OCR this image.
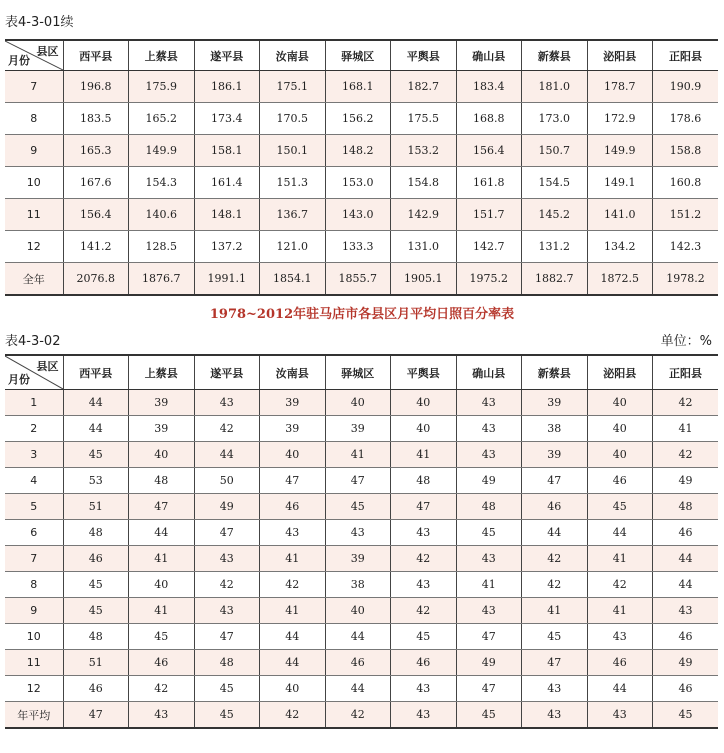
表4-3-01续
县区
月份	西平县	上蔡县	遂平县	汝南县	驿城区	平舆县	确山县	新蔡县	泌阳县	正阳县
7	196.8	175.9	186.1	175.1	168.1	182.7	183.4	181.0	178.7	190.9
8	183.5	165.2	173.4	170.5	156.2	175.5	168.8	173.0	172.9	178.6
9	165.3	149.9	158.1	150.1	148.2	153.2	156.4	150.7	149.9	158.8
10	167.6	154.3	161.4	151.3	153.0	154.8	161.8	154.5	149.1	160.8
11	156.4	140.6	148.1	136.7	143.0	142.9	151.7	145.2	141.0	151.2
12	141.2	128.5	137.2	121.0	133.3	131.0	142.7	131.2	134.2	142.3
全年	2076.8	1876.7	1991.1	1854.1	1855.7	1905.1	1975.2	1882.7	1872.5	1978.2
1978~2012年驻马店市各县区月平均日照百分率表
表4-3-02	单位：%
县区
月份	西平县	上蔡县	遂平县	汝南县	驿城区	平舆县	确山县	新蔡县	泌阳县	正阳县
1	44	39	43	39	40	40	43	39	40	42
2	44	39	42	39	39	40	43	38	40	41
3	45	40	44	40	41	41	43	39	40	42
4	53	48	50	47	47	48	49	47	46	49
5	51	47	49	46	45	47	48	46	45	48
6	48	44	47	43	43	43	45	44	44	46
7	46	41	43	41	39	42	43	42	41	44
8	45	40	42	42	38	43	41	42	42	44
9	45	41	43	41	40	42	43	41	41	43
10	48	45	47	44	44	45	47	45	43	46
11	51	46	48	44	46	46	49	47	46	49
12	46	42	45	40	44	43	47	43	44	46
年平均	47	43	45	42	42	43	45	43	43	45
